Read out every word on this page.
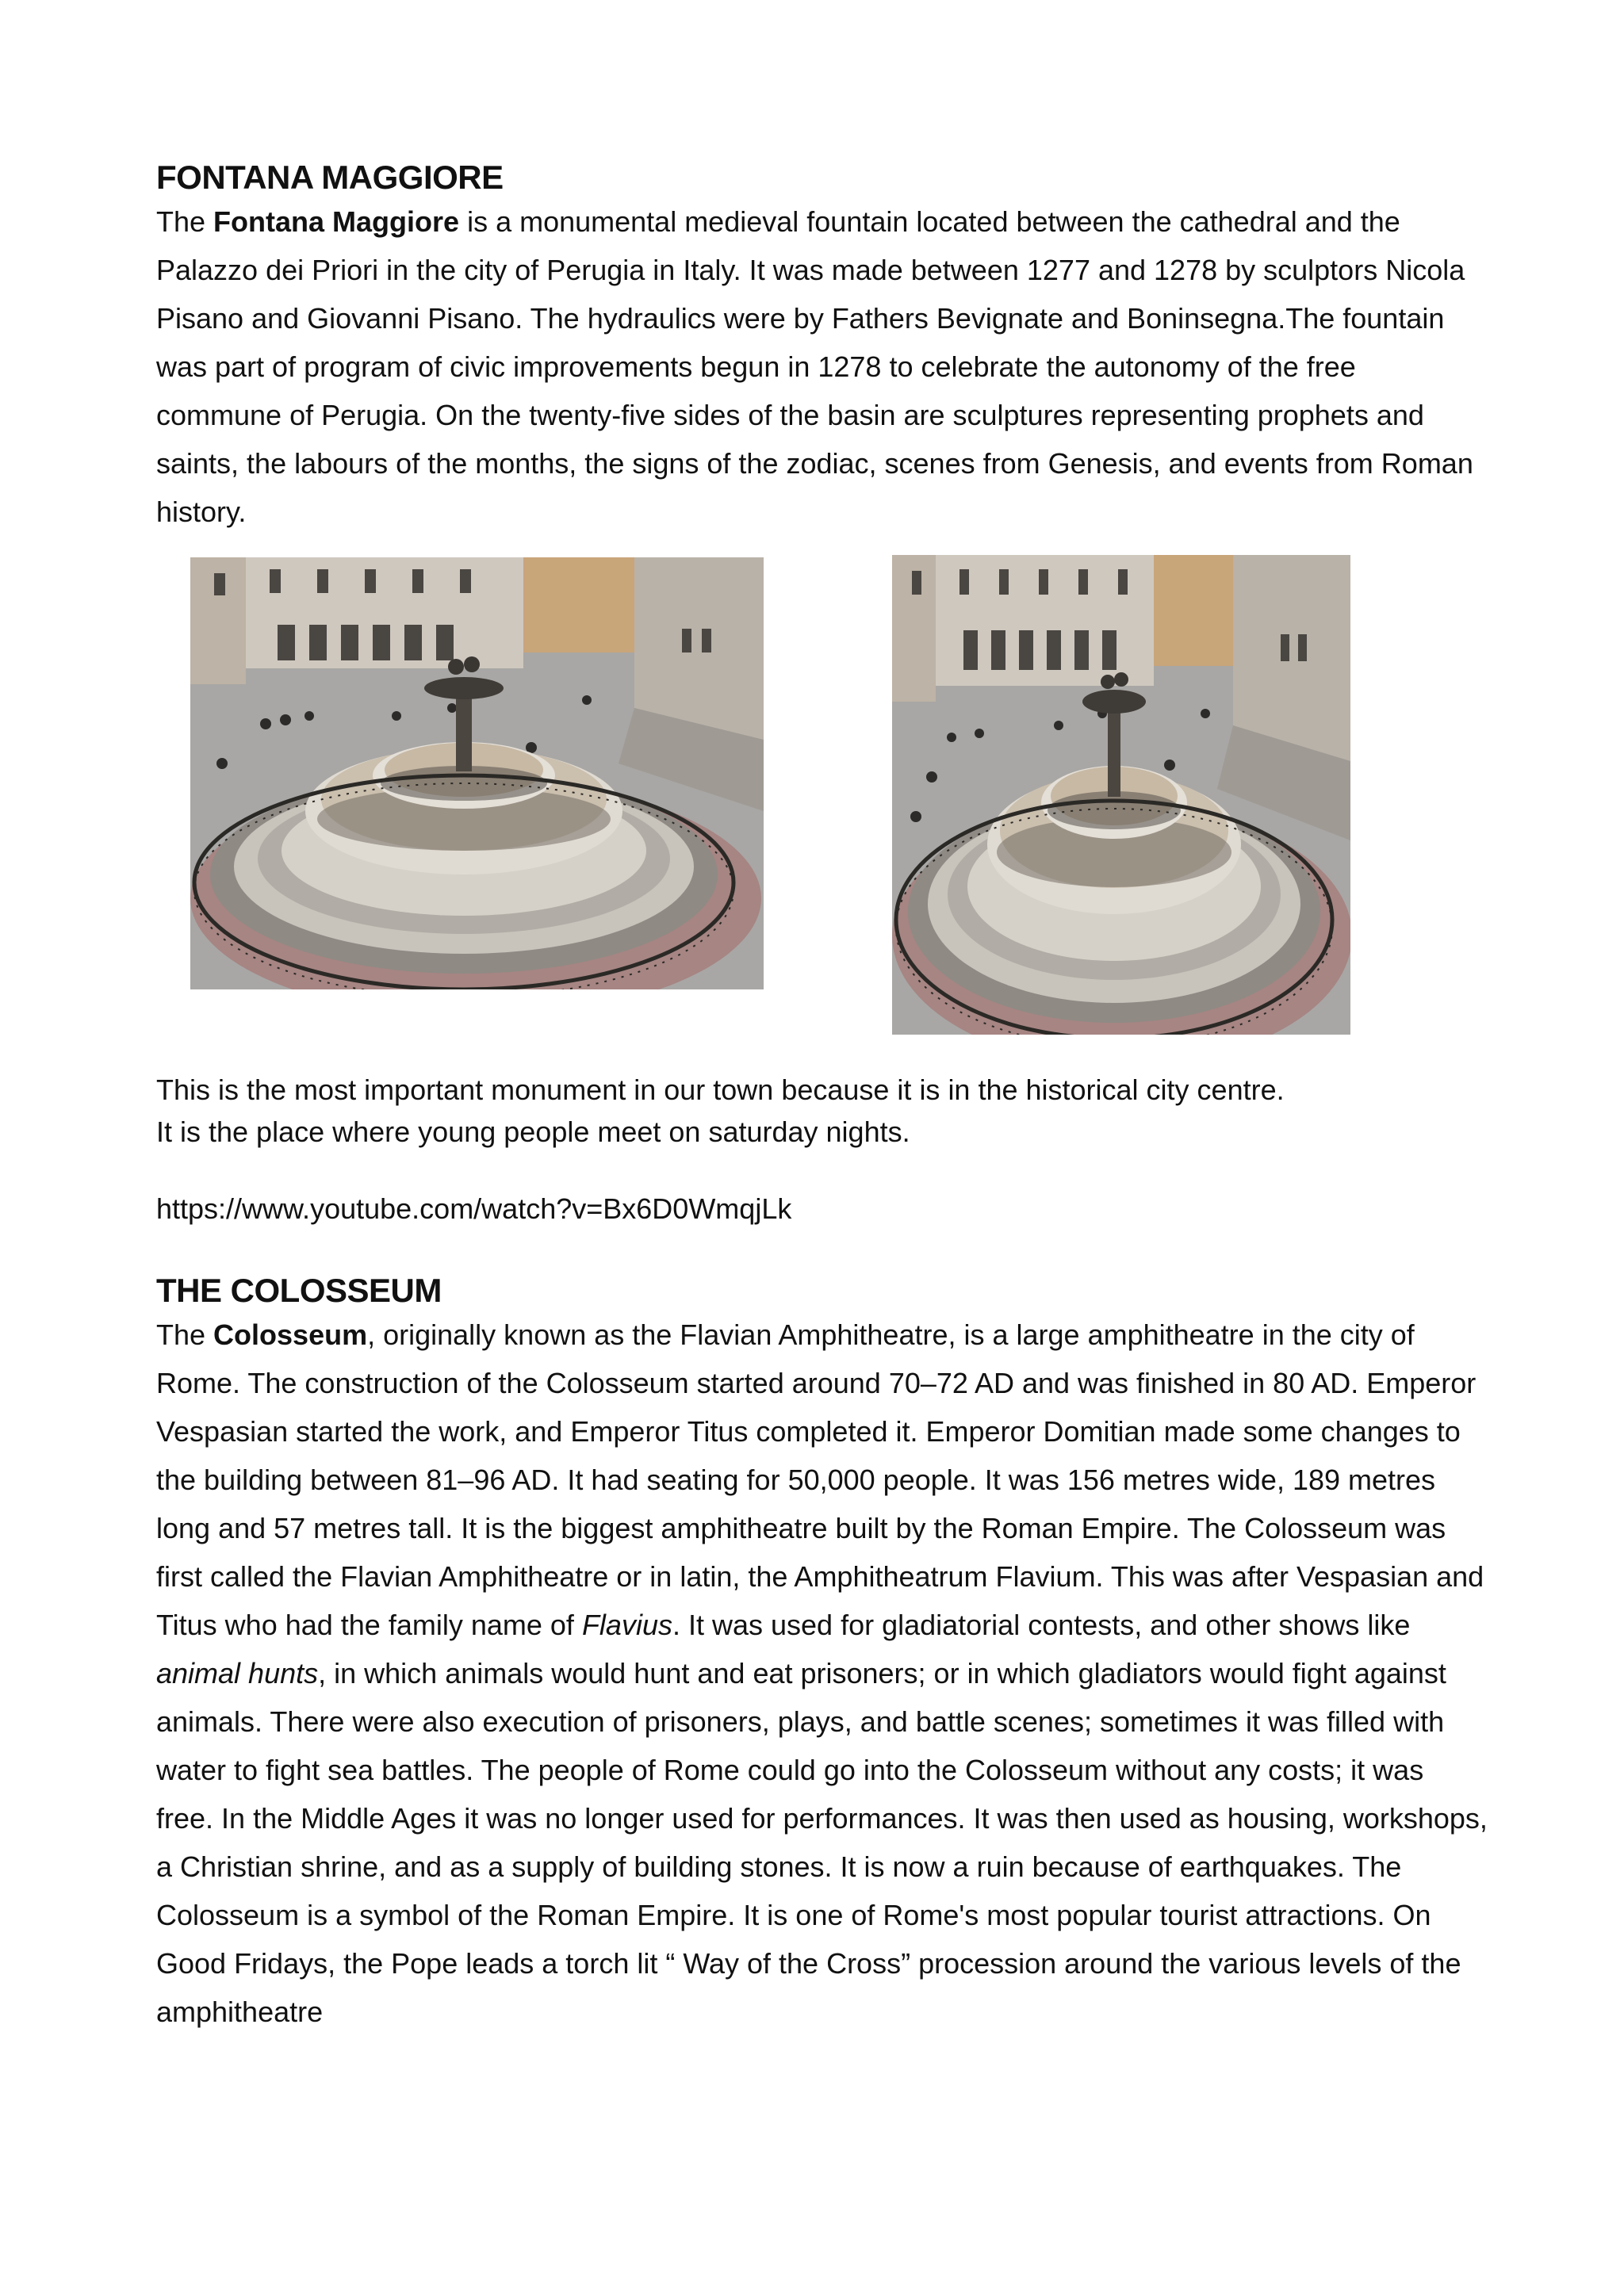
FONTANA MAGGIORE

The Fontana Maggiore is a monumental medieval fountain located between the cathedral and the Palazzo dei Priori in the city of Perugia in Italy. It was made between 1277 and 1278 by sculptors Nicola Pisano and Giovanni Pisano. The hydraulics were by Fathers Bevignate and Boninsegna.The fountain was part of program of civic improvements begun in 1278 to celebrate the autonomy of the free commune of Perugia. On the twenty-five sides of the basin are sculptures representing prophets and saints, the labours of the months, the signs of the zodiac, scenes from Genesis, and events from Roman history.

This is the most important monument in our town because it is in the historical city centre.

It is the place where young people meet on saturday nights.

https://www.youtube.com/watch?v=Bx6D0WmqjLk

THE COLOSSEUM

The Colosseum, originally known as the Flavian Amphitheatre, is a large amphitheatre in the city of Rome. The construction of the Colosseum started around 70–72 AD and was finished in 80 AD. Emperor Vespasian started the work, and Emperor Titus completed it. Emperor Domitian made some changes to the building between 81–96 AD. It had seating for 50,000 people. It was 156 metres wide, 189 metres long and 57 metres tall. It is the biggest amphitheatre built by the Roman Empire. The Colosseum was first called the Flavian Amphitheatre or in latin, the Amphitheatrum Flavium. This was after Vespasian and Titus who had the family name of Flavius. It was used for gladiatorial contests, and other shows like animal hunts, in which animals would hunt and eat prisoners; or in which gladiators would fight against animals. There were also execution of prisoners, plays, and battle scenes; sometimes it was filled with water to fight sea battles. The people of Rome could go into the Colosseum without any costs; it was free. In the Middle Ages it was no longer used for performances. It was then used as housing, workshops, a Christian shrine, and as a supply of building stones. It is now a ruin because of earthquakes. The Colosseum is a symbol of the Roman Empire. It is one of Rome's most popular tourist attractions. On Good Fridays, the Pope leads a torch lit “ Way of the Cross” procession around the various levels of the amphitheatre
